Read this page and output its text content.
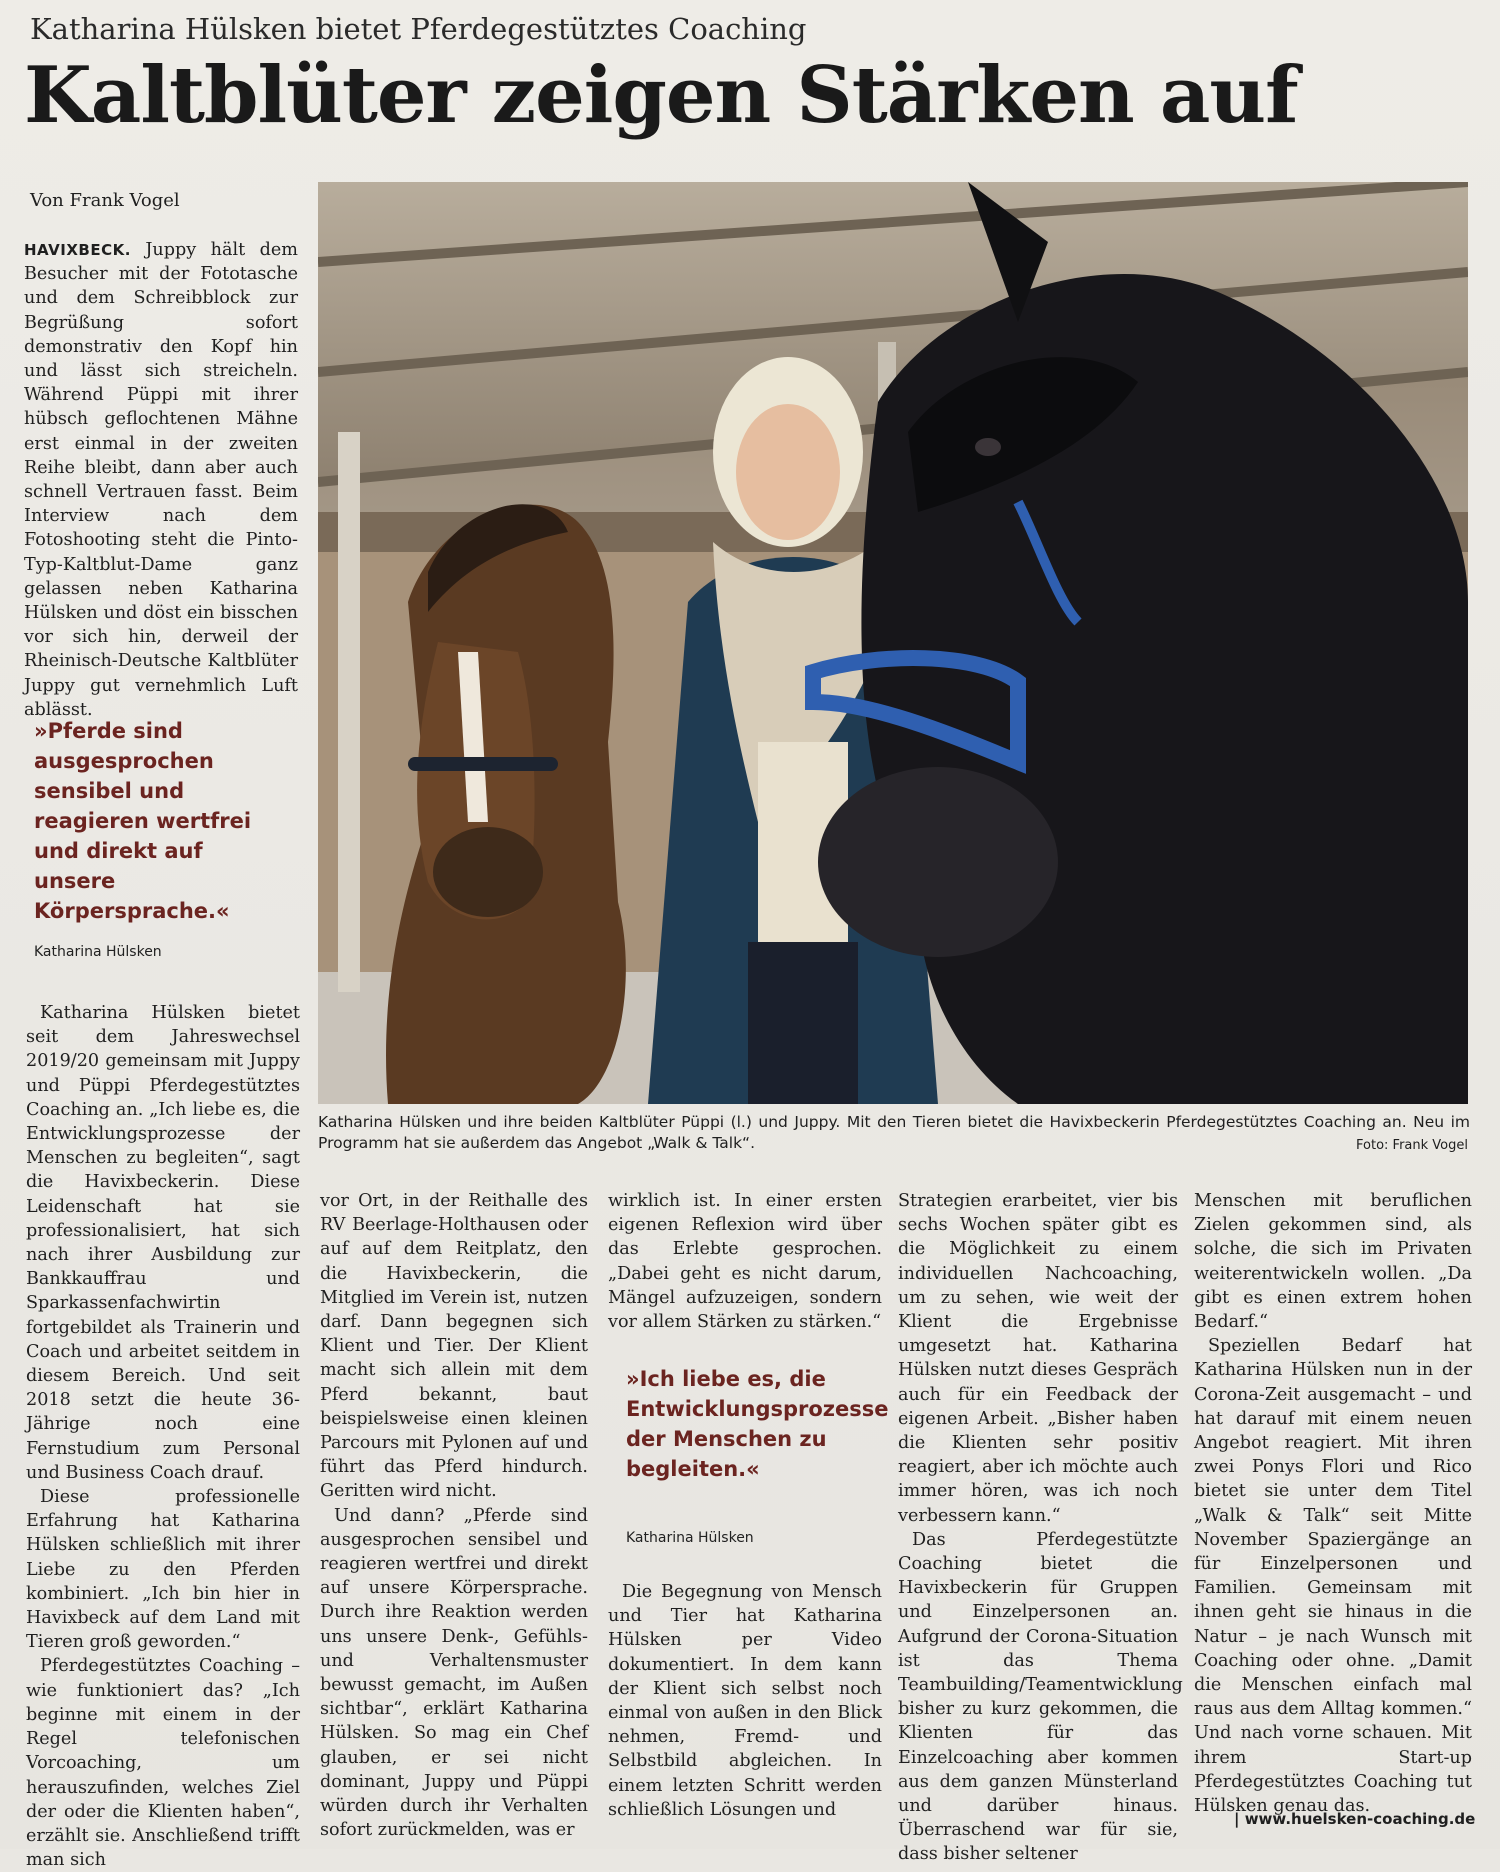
Katharina Hülsken bietet Pferdegestütztes Coaching
Kaltblüter zeigen Stärken auf
Von Frank Vogel

HAVIXBECK. Juppy hält dem Besucher mit der Fototasche und dem Schreibblock zur Begrüßung sofort demonstrativ den Kopf hin und lässt sich streicheln. Während Püppi mit ihrer hübsch geflochtenen Mähne erst einmal in der zweiten Reihe bleibt, dann aber auch schnell Vertrauen fasst. Beim Interview nach dem Fotoshooting steht die Pinto-Typ-Kaltblut-Dame ganz gelassen neben Katharina Hülsken und döst ein bisschen vor sich hin, derweil der Rheinisch-Deutsche Kaltblüter Juppy gut vernehmlich Luft ablässt.

»Pferde sind ausgesprochen sensibel und reagieren wertfrei und direkt auf unsere Körpersprache.«
Katharina Hülsken
Katharina Hülsken und ihre beiden Kaltblüter Püppi (l.) und Juppy. Mit den Tieren bietet die Havixbeckerin Pferdegestütztes Coaching an. Neu im Programm hat sie außerdem das Angebot „Walk & Talk“.	Foto: Frank Vogel

Katharina Hülsken bietet seit dem Jahreswechsel 2019/20 gemeinsam mit Juppy und Püppi Pferdegestütztes Coaching an. „Ich liebe es, die Entwicklungsprozesse der Menschen zu begleiten“, sagt die Havixbeckerin. Diese Leidenschaft hat sie professionalisiert, hat sich nach ihrer Ausbildung zur Bankkauffrau und Sparkassenfachwirtin fortgebildet als Trainerin und Coach und arbeitet seitdem in diesem Bereich. Und seit 2018 setzt die heute 36-Jährige noch eine Fernstudium zum Personal und Business Coach drauf.

Diese professionelle Erfahrung hat Katharina Hülsken schließlich mit ihrer Liebe zu den Pferden kombiniert. „Ich bin hier in Havixbeck auf dem Land mit Tieren groß geworden.“

Pferdegestütztes Coaching – wie funktioniert das? „Ich beginne mit einem in der Regel telefonischen Vorcoaching, um herauszufinden, welches Ziel der oder die Klienten haben“, erzählt sie. Anschließend trifft man sich

vor Ort, in der Reithalle des RV Beerlage-Holthausen oder auf auf dem Reitplatz, den die Havixbeckerin, die Mitglied im Verein ist, nutzen darf. Dann begegnen sich Klient und Tier. Der Klient macht sich allein mit dem Pferd bekannt, baut beispielsweise einen kleinen Parcours mit Pylonen auf und führt das Pferd hindurch. Geritten wird nicht.

Und dann? „Pferde sind ausgesprochen sensibel und reagieren wertfrei und direkt auf unsere Körpersprache. Durch ihre Reaktion werden uns unsere Denk-, Gefühls- und Verhaltensmuster bewusst gemacht, im Außen sichtbar“, erklärt Katharina Hülsken. So mag ein Chef glauben, er sei nicht dominant, Juppy und Püppi würden durch ihr Verhalten sofort zurückmelden, was er

wirklich ist. In einer ersten eigenen Reflexion wird über das Erlebte gesprochen. „Dabei geht es nicht darum, Mängel aufzuzeigen, sondern vor allem Stärken zu stärken.“

»Ich liebe es, die Entwicklungsprozesse der Menschen zu begleiten.«
Katharina Hülsken

Die Begegnung von Mensch und Tier hat Katharina Hülsken per Video dokumentiert. In dem kann der Klient sich selbst noch einmal von außen in den Blick nehmen, Fremd- und Selbstbild abgleichen. In einem letzten Schritt werden schließlich Lösungen und

Strategien erarbeitet, vier bis sechs Wochen später gibt es die Möglichkeit zu einem individuellen Nachcoaching, um zu sehen, wie weit der Klient die Ergebnisse umgesetzt hat. Katharina Hülsken nutzt dieses Gespräch auch für ein Feedback der eigenen Arbeit. „Bisher haben die Klienten sehr positiv reagiert, aber ich möchte auch immer hören, was ich noch verbessern kann.“

Das Pferdegestützte Coaching bietet die Havixbeckerin für Gruppen und Einzelpersonen an. Aufgrund der Corona-Situation ist das Thema Teambuilding/Teamentwicklung bisher zu kurz gekommen, die Klienten für das Einzelcoaching aber kommen aus dem ganzen Münsterland und darüber hinaus. Überraschend war für sie, dass bisher seltener

Menschen mit beruflichen Zielen gekommen sind, als solche, die sich im Privaten weiterentwickeln wollen. „Da gibt es einen extrem hohen Bedarf.“

Speziellen Bedarf hat Katharina Hülsken nun in der Corona-Zeit ausgemacht – und hat darauf mit einem neuen Angebot reagiert. Mit ihren zwei Ponys Flori und Rico bietet sie unter dem Titel „Walk & Talk“ seit Mitte November Spaziergänge an für Einzelpersonen und Familien. Gemeinsam mit ihnen geht sie hinaus in die Natur – je nach Wunsch mit Coaching oder ohne. „Damit die Menschen einfach mal raus aus dem Alltag kommen.“ Und nach vorne schauen. Mit ihrem Start-up Pferdegestütztes Coaching tut Hülsken genau das.

| www.huelsken-coaching.de
